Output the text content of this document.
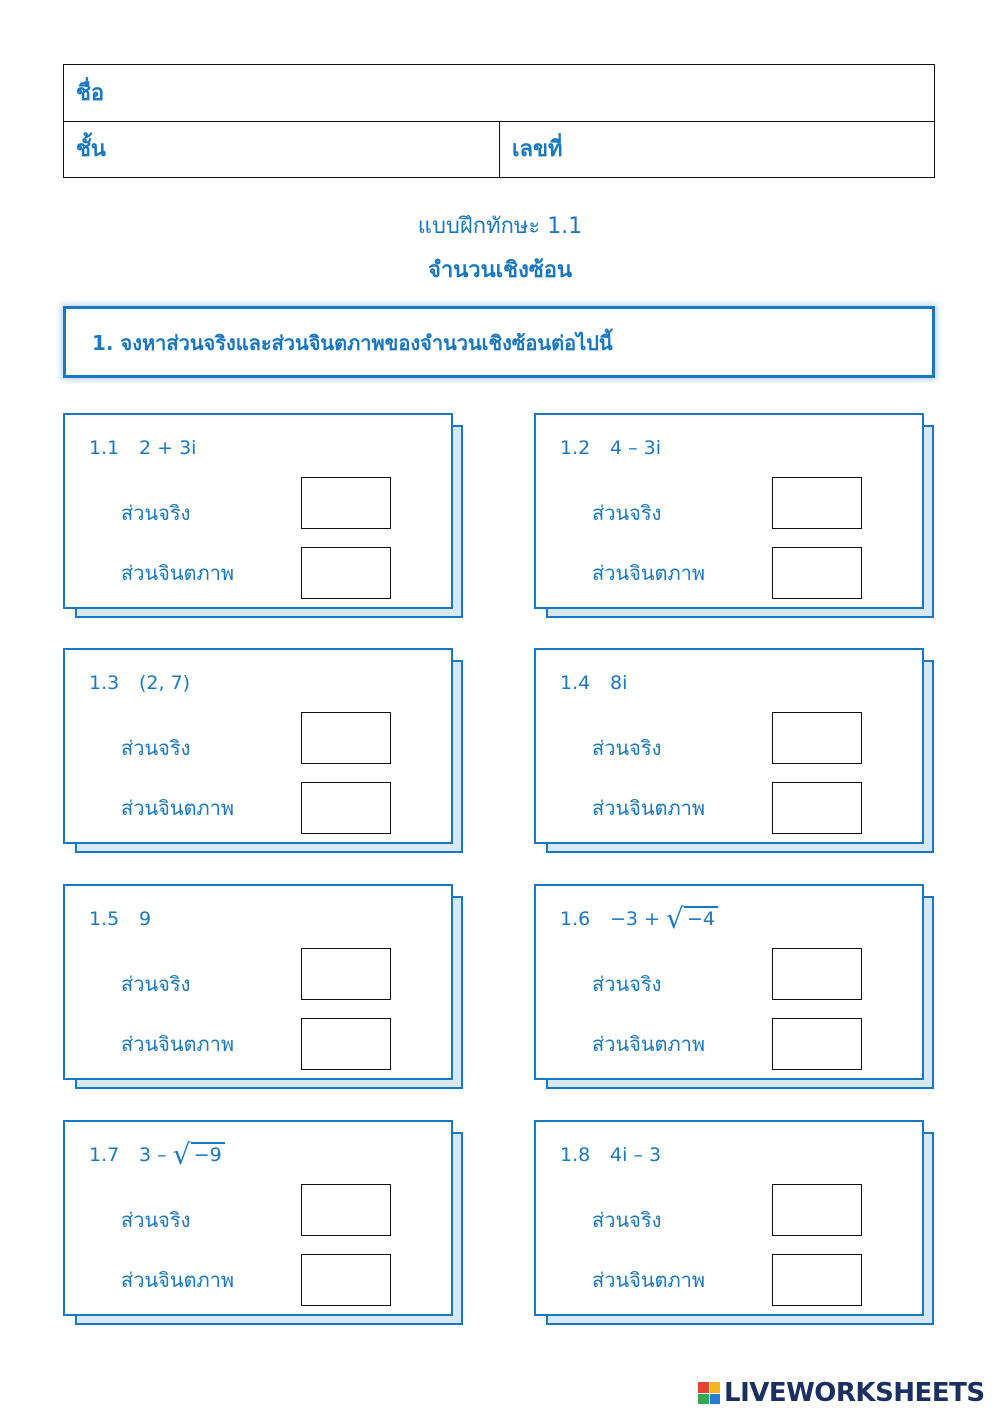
ชื่อ
ชั้น	เลขที่
แบบฝึกทักษะ 1.1
จำนวนเชิงซ้อน
1. จงหาส่วนจริงและส่วนจินตภาพของจำนวนเชิงซ้อนต่อไปนี้
1.1 2 + 3i
ส่วนจริง
ส่วนจินตภาพ
1.2 4 – 3i
ส่วนจริง
ส่วนจินตภาพ
1.3 (2, 7)
ส่วนจริง
ส่วนจินตภาพ
1.4 8i
ส่วนจริง
ส่วนจินตภาพ
1.5 9
ส่วนจริง
ส่วนจินตภาพ
1.6 −3 + √ −4
ส่วนจริง
ส่วนจินตภาพ
1.7 3 – √ −9
ส่วนจริง
ส่วนจินตภาพ
1.8 4i – 3
ส่วนจริง
ส่วนจินตภาพ
LIVEWORKSHEETS
